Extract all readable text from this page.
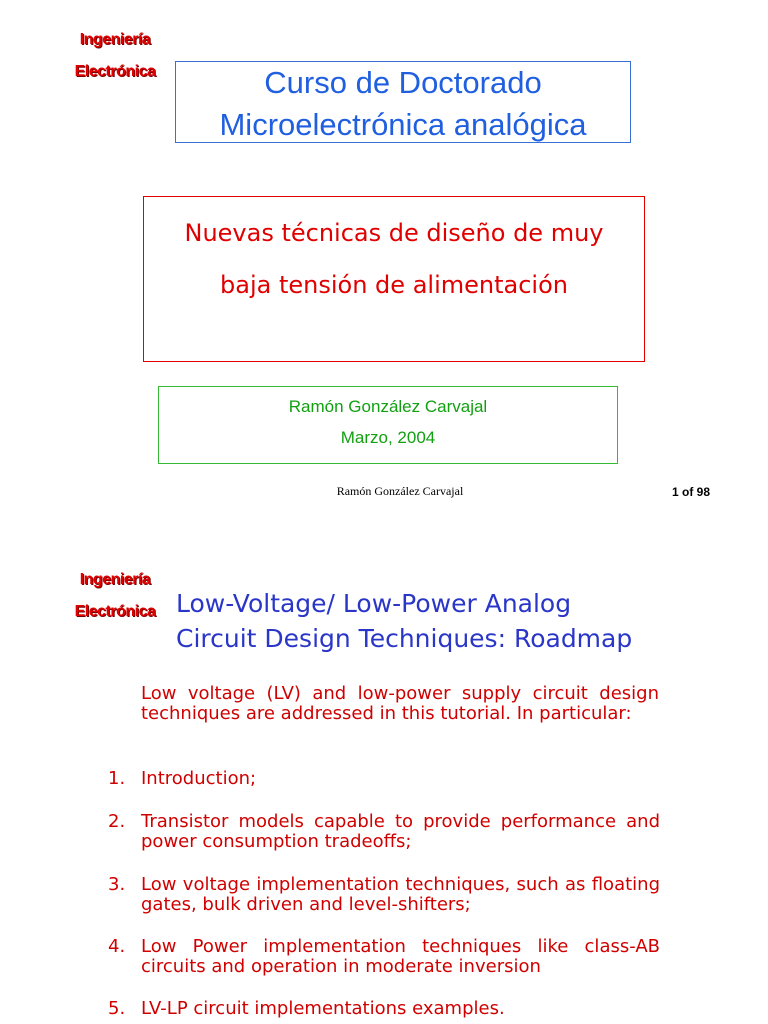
Ingeniería
Electrónica	Curso de Doctorado
Microelectrónica analógica
Nuevas técnicas de diseño de muy
baja tensión de alimentación
Ramón González Carvajal
Marzo, 2004
Ramón González Carvajal	1 of 98
Ingeniería
Electrónica Low-Voltage/ Low-Power Analog
Circuit Design Techniques: Roadmap
Low voltage (LV) and low-power supply circuit design techniques are addressed in this tutorial. In particular:
1. Introduction;
2. Transistor models capable to provide performance and power consumption tradeoffs;
3. Low voltage implementation techniques, such as floating gates, bulk driven and level-shifters;
4. Low Power implementation techniques like class-AB circuits and operation in moderate inversion
5. LV-LP circuit implementations examples.
